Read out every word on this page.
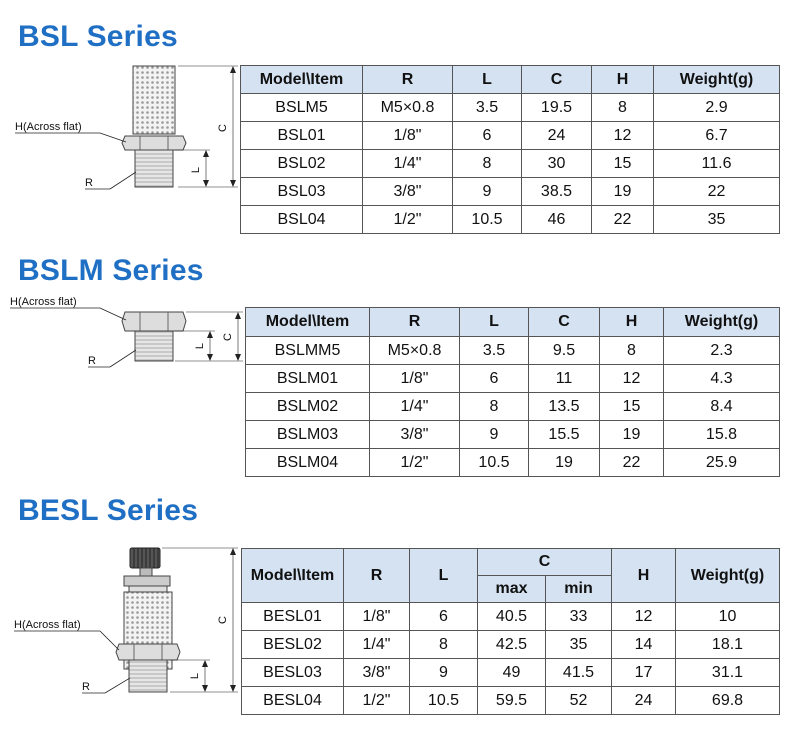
BSL Series
H(Across flat)
R
C
L
Model\Item	R	L	C	H	Weight(g)
BSLM5	M5×0.8	3.5	19.5	8	2.9
BSL01	1/8"	6	24	12	6.7
BSL02	1/4"	8	30	15	11.6
BSL03	3/8"	9	38.5	19	22
BSL04	1/2"	10.5	46	22	35
BSLM Series
H(Across flat)
R
C
L
Model\Item	R	L	C	H	Weight(g)
BSLMM5	M5×0.8	3.5	9.5	8	2.3
BSLM01	1/8"	6	11	12	4.3
BSLM02	1/4"	8	13.5	15	8.4
BSLM03	3/8"	9	15.5	19	15.8
BSLM04	1/2"	10.5	19	22	25.9
BESL Series
H(Across flat)
R
C
L
Model\Item	R	L	C		H	Weight(g)
			max	min		
BESL01	1/8"	6	40.5	33	12	10
BESL02	1/4"	8	42.5	35	14	18.1
BESL03	3/8"	9	49	41.5	17	31.1
BESL04	1/2"	10.5	59.5	52	24	69.8
